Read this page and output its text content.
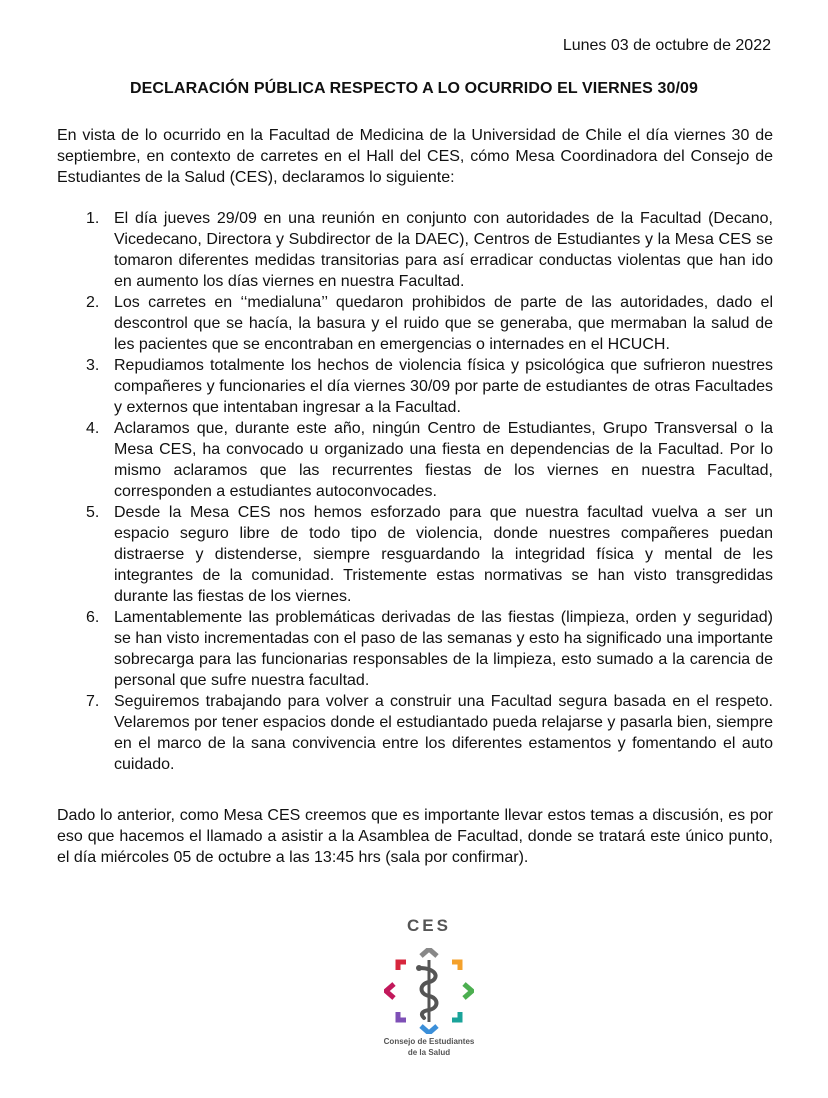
Lunes 03 de octubre de 2022
DECLARACIÓN PÚBLICA RESPECTO A LO OCURRIDO EL VIERNES 30/09

En vista de lo ocurrido en la Facultad de Medicina de la Universidad de Chile el día viernes 30 de septiembre, en contexto de carretes en el Hall del CES, cómo Mesa Coordinadora del Consejo de Estudiantes de la Salud (CES), declaramos lo siguiente:

1. El día jueves 29/09 en una reunión en conjunto con autoridades de la Facultad (Decano, Vicedecano, Directora y Subdirector de la DAEC), Centros de Estudiantes y la Mesa CES se tomaron diferentes medidas transitorias para así erradicar conductas violentas que han ido en aumento los días viernes en nuestra Facultad.
2. Los carretes en ‘‘medialuna’’ quedaron prohibidos de parte de las autoridades, dado el descontrol que se hacía, la basura y el ruido que se generaba, que mermaban la salud de les pacientes que se encontraban en emergencias o internades en el HCUCH.
3. Repudiamos totalmente los hechos de violencia física y psicológica que sufrieron nuestres compañeres y funcionaries el día viernes 30/09 por parte de estudiantes de otras Facultades y externos que intentaban ingresar a la Facultad.
4. Aclaramos que, durante este año, ningún Centro de Estudiantes, Grupo Transversal o la Mesa CES, ha convocado u organizado una fiesta en dependencias de la Facultad. Por lo mismo aclaramos que las recurrentes fiestas de los viernes en nuestra Facultad, corresponden a estudiantes autoconvocades.
5. Desde la Mesa CES nos hemos esforzado para que nuestra facultad vuelva a ser un espacio seguro libre de todo tipo de violencia, donde nuestres compañeres puedan distraerse y distenderse, siempre resguardando la integridad física y mental de les integrantes de la comunidad. Tristemente estas normativas se han visto transgredidas durante las fiestas de los viernes.
6. Lamentablemente las problemáticas derivadas de las fiestas (limpieza, orden y seguridad) se han visto incrementadas con el paso de las semanas y esto ha significado una importante sobrecarga para las funcionarias responsables de la limpieza, esto sumado a la carencia de personal que sufre nuestra facultad.
7. Seguiremos trabajando para volver a construir una Facultad segura basada en el respeto. Velaremos por tener espacios donde el estudiantado pueda relajarse y pasarla bien, siempre en el marco de la sana convivencia entre los diferentes estamentos y fomentando el auto cuidado.

Dado lo anterior, como Mesa CES creemos que es importante llevar estos temas a discusión, es por eso que hacemos el llamado a asistir a la Asamblea de Facultad, donde se tratará este único punto, el día miércoles 05 de octubre a las 13:45 hrs (sala por confirmar).

CES
Consejo de Estudiantes
de la Salud
